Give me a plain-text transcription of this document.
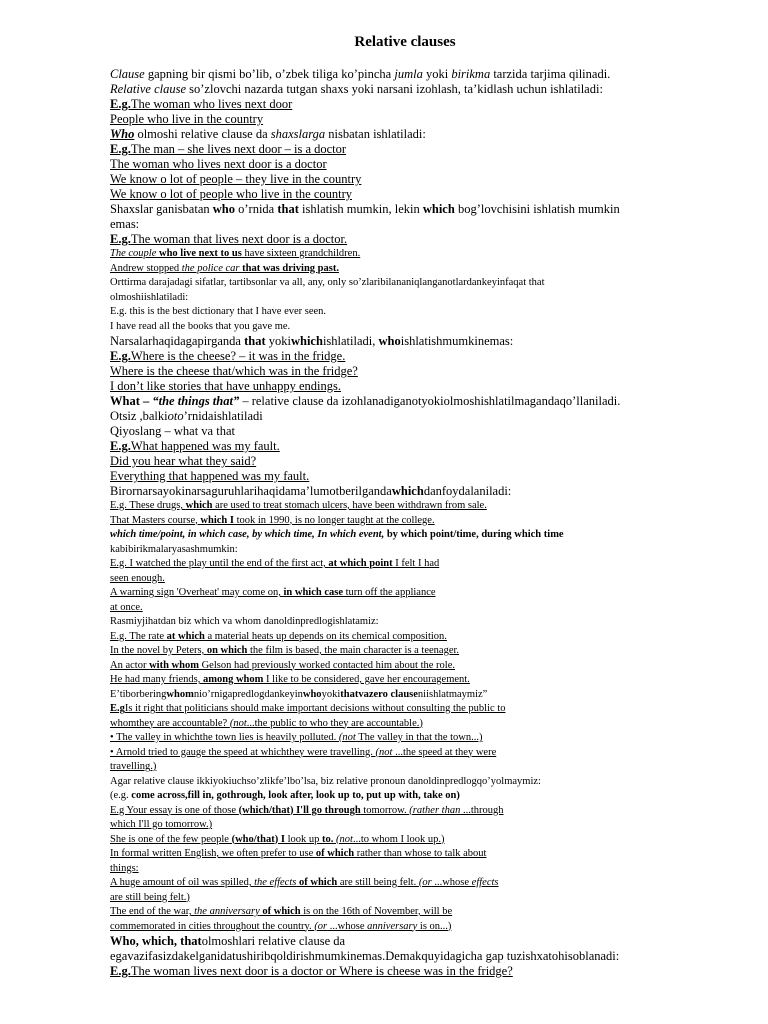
Relative clauses
Clause gapning bir qismi bo’lib, o’zbek tiliga ko’pincha jumla yoki birikma tarzida tarjima qilinadi.
Relative clause so’zlovchi nazarda tutgan shaxs yoki narsani izohlash, ta’kidlash uchun ishlatiladi:
E.g.The woman who lives next door
People who live in the country
Who olmoshi relative clause da shaxslarga nisbatan ishlatiladi:
E.g.The man – she lives next door – is a doctor
The woman who lives next door is a doctor
We know o lot of people – they live in the country
We know o lot of people who live in the country
Shaxslar ganisbatan who o’rnida that ishlatish mumkin, lekin which bog’lovchisini ishlatish mumkin
emas:
E.g.The woman that lives next door is a doctor.
The couple who live next to us have sixteen grandchildren.
Andrew stopped the police car that was driving past.
Orttirma darajadagi sifatlar, tartibsonlar va all, any, only so’zlaribilananiqlanganotlardankeyinfaqat that
olmoshiishlatiladi:
E.g. this is the best dictionary that I have ever seen.
I have read all the books that you gave me.
Narsalarhaqidagapirganda that yokiwhichishlatiladi, whoishlatishmumkinemas:
E.g.Where is the cheese? – it was in the fridge.
Where is the cheese that/which was in the fridge?
I don’t like stories that have unhappy endings.
What – “the things that” – relative clause da izohlanadiganotyokiolmoshishlatilmagandaqo’llaniladi.
Otsiz ,balkioto’rnidaishlatiladi
Qiyoslang – what va that
E.g.What happened was my fault.
Did you hear what they said?
Everything that happened was my fault.
Birornarsayokinarsaguruhlarihaqidama’lumotberilgandawhichdanfoydalaniladi:
E.g. These drugs, which are used to treat stomach ulcers, have been withdrawn from sale.
That Masters course, which I took in 1990, is no longer taught at the college.
which time/point, in which case, by which time, In which event, by which point/time, during which time
kabibirikmalaryasashmumkin:
E.g. I watched the play until the end of the first act, at which point I felt I had
seen enough.
A warning sign 'Overheat' may come on, in which case turn off the appliance
at once.
Rasmiyjihatdan biz which va whom danoldinpredlogishlatamiz:
E.g. The rate at which a material heats up depends on its chemical composition.
In the novel by Peters, on which the film is based, the main character is a teenager.
An actor with whom Gelson had previously worked contacted him about the role.
He had many friends, among whom I like to be considered, gave her encouragement.
E’tiborberingwhomnio’rnigapredlogdankeyinwhoyokithatvazero clauseniishlatmaymiz”
E.gIs it right that politicians should make important decisions without consulting the public to
whomthey are accountable? (not...the public to who they are accountable.)
• The valley in whichthe town lies is heavily polluted. (not The valley in that the town...)
• Arnold tried to gauge the speed at whichthey were travelling. (not ...the speed at they were
travelling.)
Agar relative clause ikkiyokiuchso’zlikfe’lbo’lsa, biz relative pronoun danoldinpredlogqo’yolmaymiz:
(e.g. come across,fill in, gothrough, look after, look up to, put up with, take on)
E.g Your essay is one of those (which/that) I'll go through tomorrow. (rather than ...through
which I'll go tomorrow.)
She is one of the few people (who/that) I look up to. (not...to whom I look up.)
In formal written English, we often prefer to use of which rather than whose to talk about
things:
A huge amount of oil was spilled, the effects of which are still being felt. (or ...whose effects
are still being felt.)
The end of the war, the anniversary of which is on the 16th of November, will be
commemorated in cities throughout the country. (or ...whose anniversary is on...)
Who, which, thatolmoshlari relative clause da
egavazifasizdakelganidatushiribqoldirishmumkinemas.Demakquyidagicha gap tuzishxatohisoblanadi:
E.g.The woman lives next door is a doctor or Where is cheese was in the fridge?
